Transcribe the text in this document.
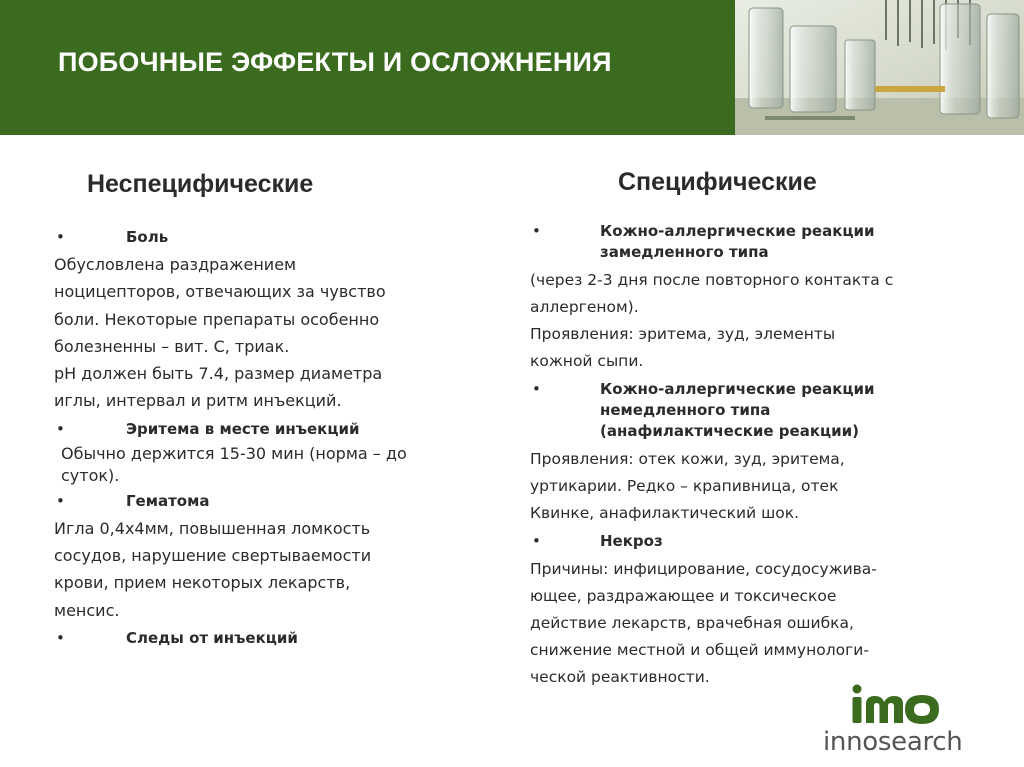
ПОБОЧНЫЕ ЭФФЕКТЫ И ОСЛОЖНЕНИЯ
Неспецифические

•	Боль

Обусловлена раздражением
ноцицепторов, отвечающих за чувство
боли. Некоторые препараты особенно
болезненны – вит. С, триак.
pH должен быть 7.4, размер диаметра
иглы, интервал и ритм инъекций.

•	Эритема в месте инъекций

Обычно держится 15-30 мин (норма – до
суток).

•	Гематома

Игла 0,4х4мм, повышенная ломкость
сосудов, нарушение свертываемости
крови, прием некоторых лекарств,
менсис.

•	Следы от инъекций

Специфические

•	Кожно-аллергические реакции
замедленного типа

(через 2-3 дня после повторного контакта с
аллергеном).
Проявления: эритема, зуд, элементы
кожной сыпи.

•	Кожно-аллергические реакции
немедленного типа
(анафилактические реакции)

Проявления: отек кожи, зуд, эритема,
уртикарии. Редко – крапивница, отек
Квинке, анафилактический шок.

•	Некроз

Причины: инфицирование, сосудосужива-
ющее, раздражающее и токсическое
действие лекарств, врачебная ошибка,
снижение местной и общей иммунологи-
ческой реактивности.

innosearch
